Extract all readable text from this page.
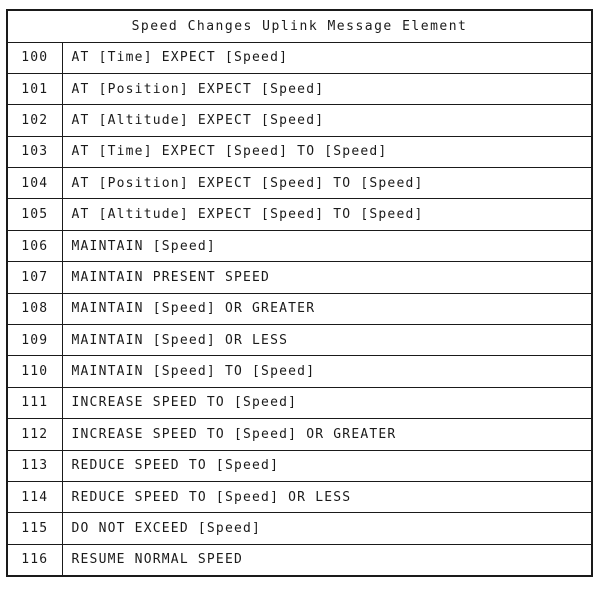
Speed Changes Uplink Message Element	
100	AT [Time] EXPECT [Speed]
101	AT [Position] EXPECT [Speed]
102	AT [Altitude] EXPECT [Speed]
103	AT [Time] EXPECT [Speed] TO [Speed]
104	AT [Position] EXPECT [Speed] TO [Speed]
105	AT [Altitude] EXPECT [Speed] TO [Speed]
106	MAINTAIN [Speed]
107	MAINTAIN PRESENT SPEED
108	MAINTAIN [Speed] OR GREATER
109	MAINTAIN [Speed] OR LESS
110	MAINTAIN [Speed] TO [Speed]
111	INCREASE SPEED TO [Speed]
112	INCREASE SPEED TO [Speed] OR GREATER
113	REDUCE SPEED TO [Speed]
114	REDUCE SPEED TO [Speed] OR LESS
115	DO NOT EXCEED [Speed]
116	RESUME NORMAL SPEED
